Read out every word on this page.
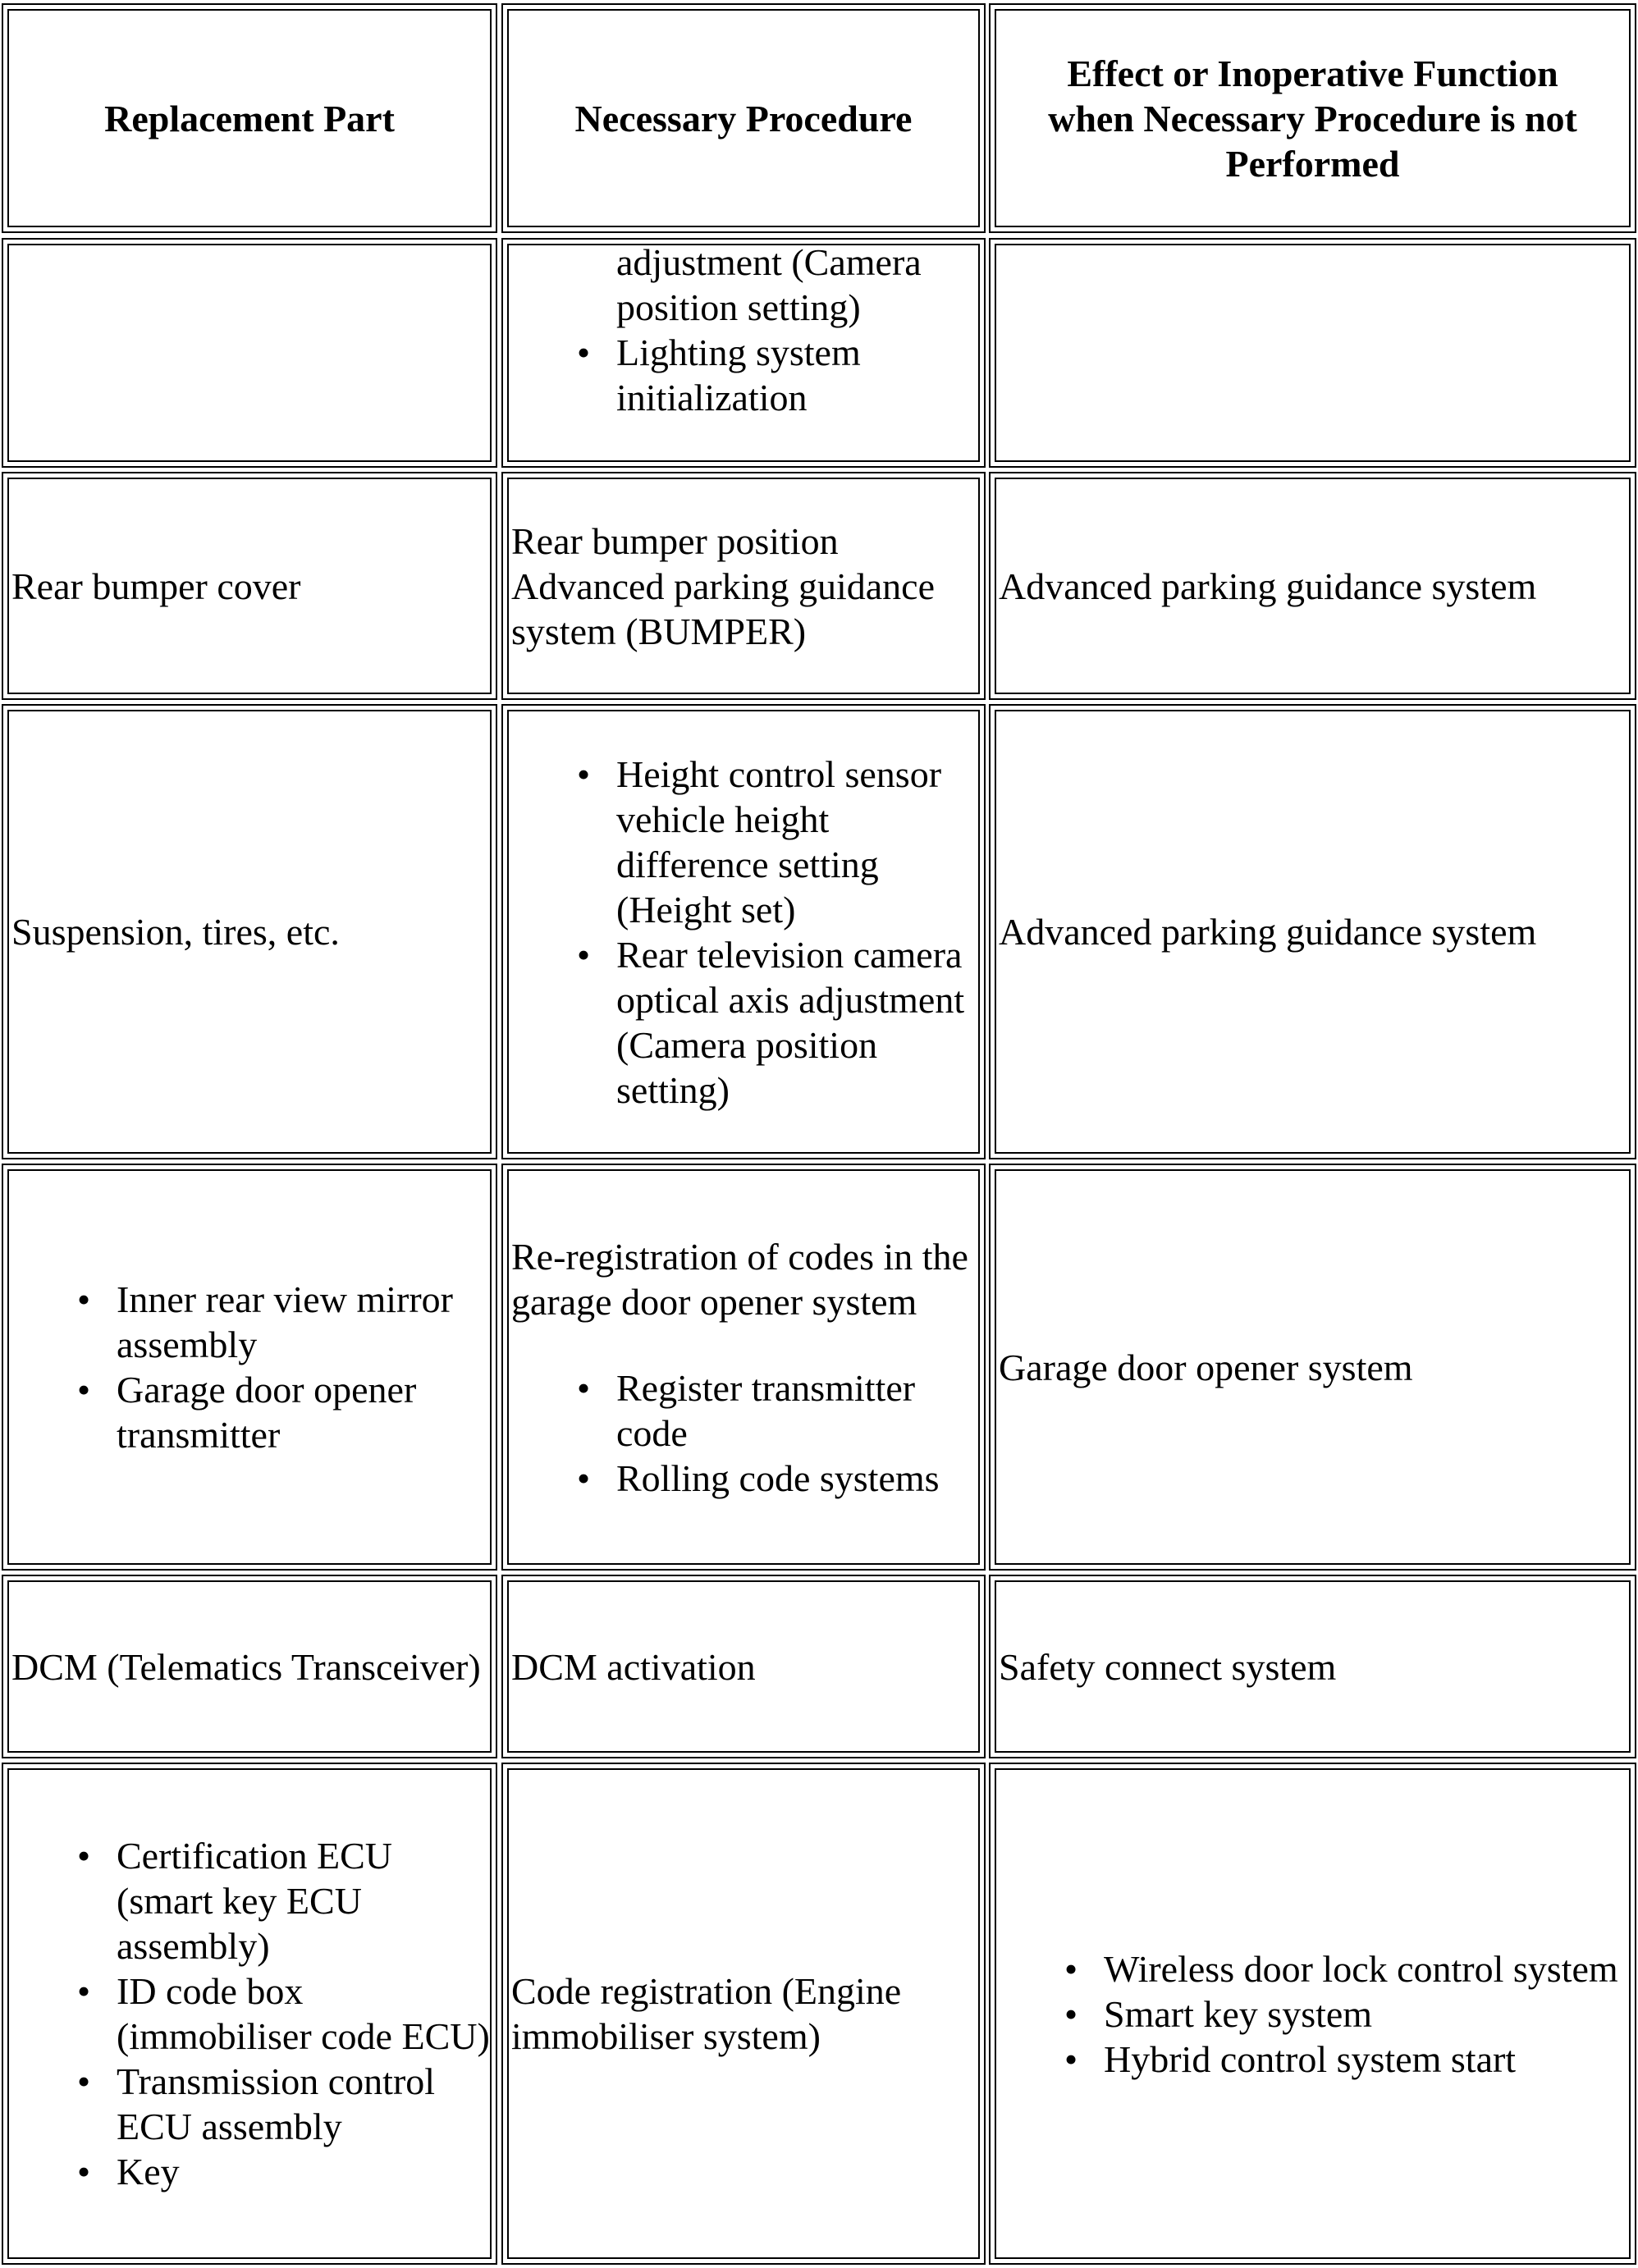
Replacement Part	Necessary Procedure
Effect or Inoperative Function when Necessary Procedure is not Performed

adjustment (Camera position setting)

• Lighting system initialization

Rear bumper cover

Rear bumper position Advanced parking guidance system (BUMPER)

Advanced parking guidance system

Suspension, tires, etc.

• Height control sensor vehicle height difference setting (Height set)
• Rear television camera optical axis adjustment (Camera position setting)

Advanced parking guidance system

• Inner rear view mirror assembly
• Garage door opener transmitter

Re-registration of codes in the garage door opener system

• Register transmitter code
• Rolling code systems

Garage door opener system

DCM (Telematics Transceiver) DCM activation	Safety connect system

• Certification ECU (smart key ECU assembly)
• ID code box (immobiliser code ECU)
• Transmission control ECU assembly
• Key

Code registration (Engine immobiliser system)

• Wireless door lock control system
• Smart key system
• Hybrid control system start
